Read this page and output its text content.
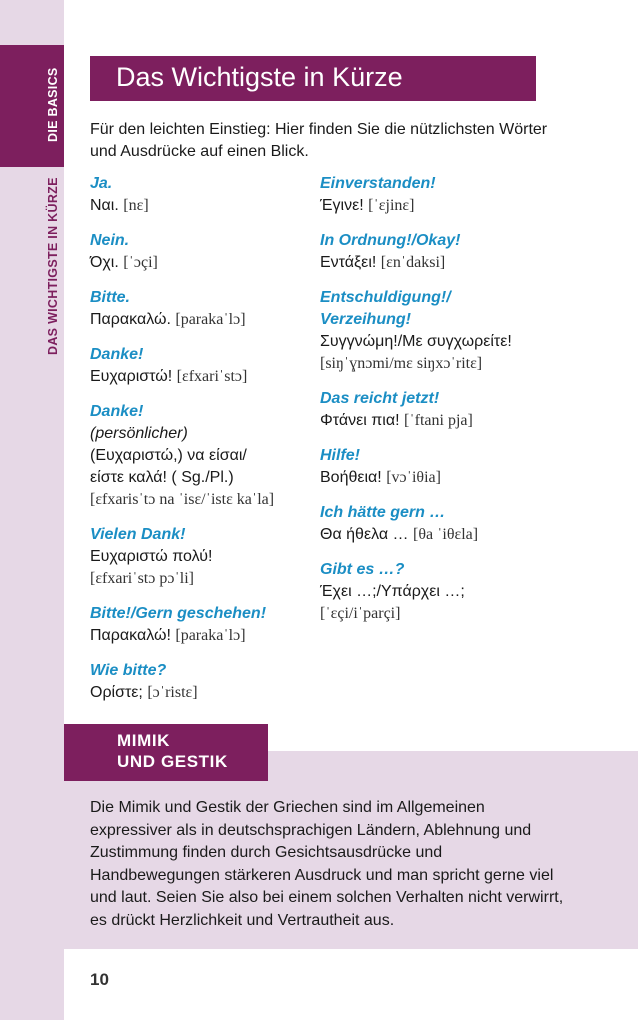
DIE BASICS
DAS WICHTIGSTE IN KÜRZE
Das Wichtigste in Kürze
Für den leichten Einstieg: Hier finden Sie die nützlichsten Wörter und Ausdrücke auf einen Blick.
Ja.
Ναι. [nɛ]
Nein.
Όχι. [ˈɔçi]
Bitte.
Παρακαλώ. [parakaˈlɔ]
Danke!
Ευχαριστώ! [ɛfxariˈstɔ]
Danke!
(persönlicher)
(Ευχαριστώ,) να είσαι/
είστε καλά! ( Sg./Pl.)
[ɛfxarisˈtɔ na ˈisɛ/ˈistɛ kaˈla]
Vielen Dank!
Ευχαριστώ πολύ!
[ɛfxariˈstɔ pɔˈli]
Bitte!/Gern geschehen!
Παρακαλώ! [parakaˈlɔ]
Wie bitte?
Ορίστε; [ɔˈristɛ]
Einverstanden!
Έγινε! [ˈɛjinɛ]
In Ordnung!/Okay!
Εντάξει! [ɛnˈdaksi]
Entschuldigung!/
Verzeihung!
Συγγνώμη!/Με συγχωρείτε!
[siŋˈɣnɔmi/mɛ siŋxɔˈritɛ]
Das reicht jetzt!
Φτάνει πια! [ˈftani pja]
Hilfe!
Βοήθεια! [vɔˈiθia]
Ich hätte gern …
Θα ήθελα … [θa ˈiθɛla]
Gibt es …?
Έχει …;/Υπάρχει …;
[ˈɛçi/iˈparçi]
MIMIK
UND GESTIK
Die Mimik und Gestik der Griechen sind im Allgemeinen expressiver als in deutschsprachigen Ländern, Ablehnung und Zustimmung finden durch Gesichtsausdrücke und Handbewegungen stärkeren Ausdruck und man spricht gerne viel und laut. Seien Sie also bei einem solchen Verhalten nicht verwirrt, es drückt Herzlichkeit und Vertrautheit aus.
10
